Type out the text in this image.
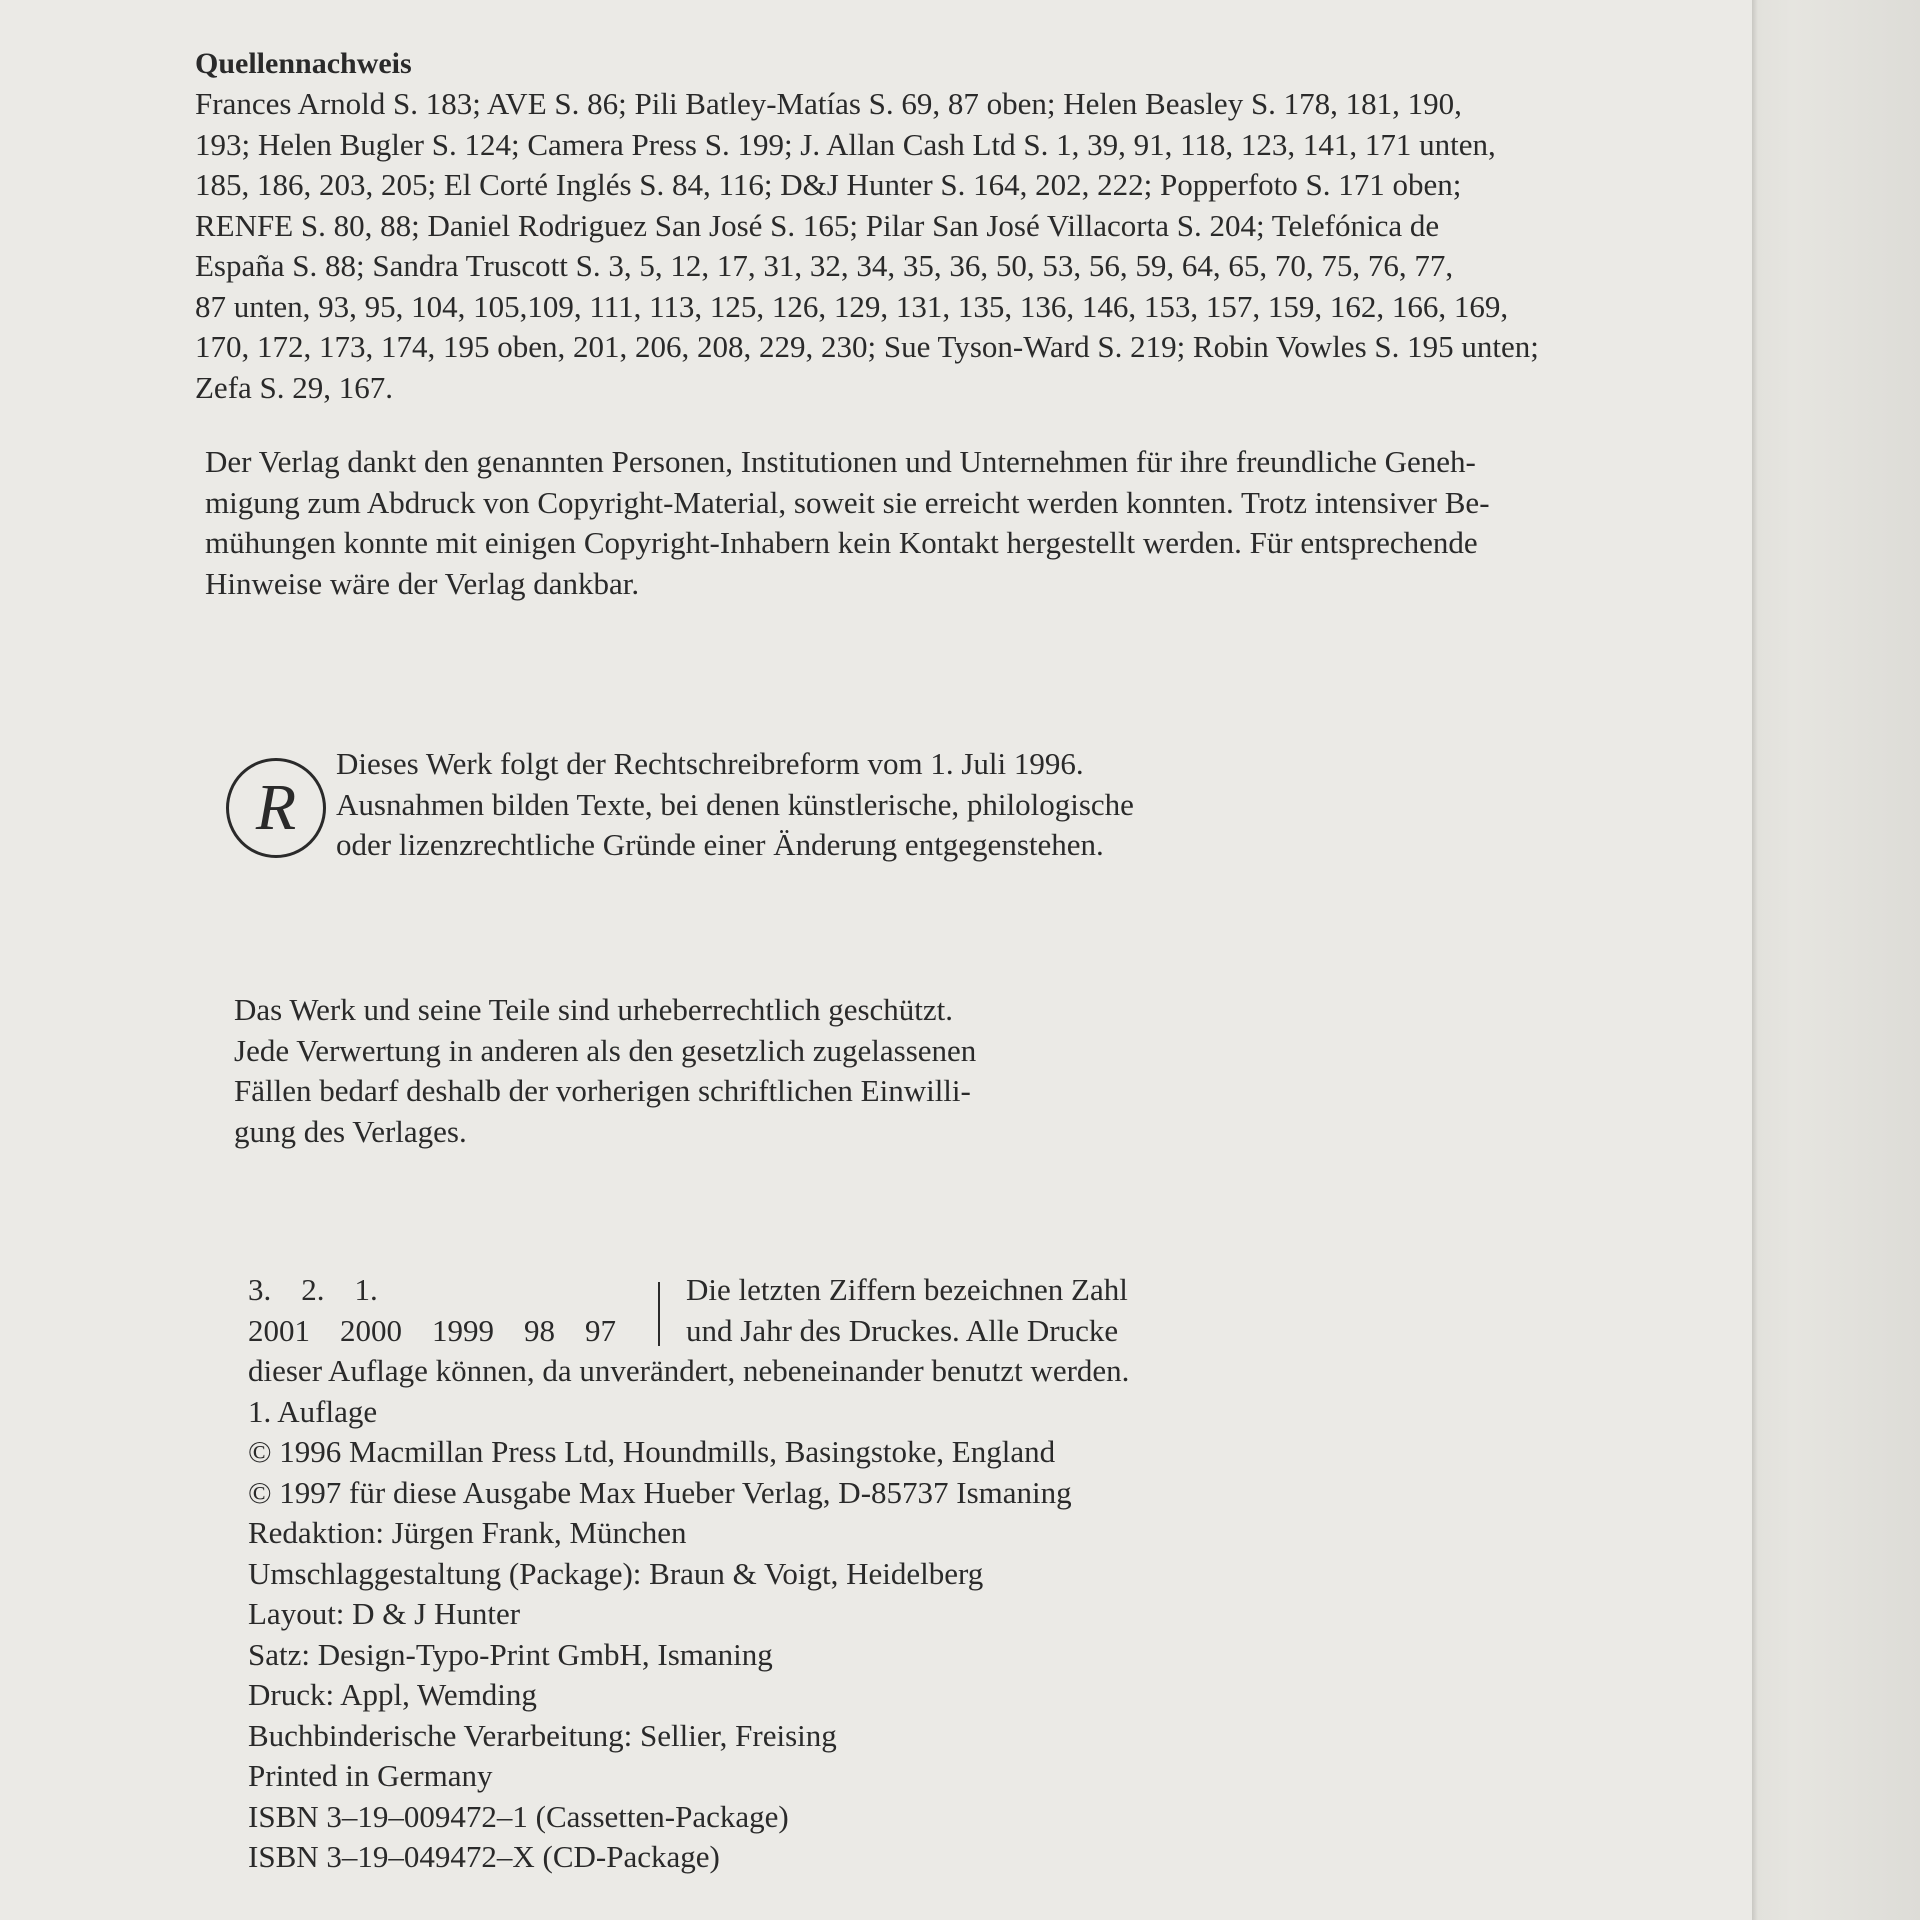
Quellennachweis
Frances Arnold S. 183; AVE S. 86; Pili Batley-Matías S. 69, 87 oben; Helen Beasley S. 178, 181, 190,
193; Helen Bugler S. 124; Camera Press S. 199; J. Allan Cash Ltd S. 1, 39, 91, 118, 123, 141, 171 unten,
185, 186, 203, 205; El Corté Inglés S. 84, 116; D&J Hunter S. 164, 202, 222; Popperfoto S. 171 oben;
RENFE S. 80, 88; Daniel Rodriguez San José S. 165; Pilar San José Villacorta S. 204; Telefónica de
España S. 88; Sandra Truscott S. 3, 5, 12, 17, 31, 32, 34, 35, 36, 50, 53, 56, 59, 64, 65, 70, 75, 76, 77,
87 unten, 93, 95, 104, 105,109, 111, 113, 125, 126, 129, 131, 135, 136, 146, 153, 157, 159, 162, 166, 169,
170, 172, 173, 174, 195 oben, 201, 206, 208, 229, 230; Sue Tyson-Ward S. 219; Robin Vowles S. 195 unten;
Zefa S. 29, 167.
Der Verlag dankt den genannten Personen, Institutionen und Unternehmen für ihre freundliche Geneh-
migung zum Abdruck von Copyright-Material, soweit sie erreicht werden konnten. Trotz intensiver Be-
mühungen konnte mit einigen Copyright-Inhabern kein Kontakt hergestellt werden. Für entsprechende
Hinweise wäre der Verlag dankbar.
R
Dieses Werk folgt der Rechtschreibreform vom 1. Juli 1996.
Ausnahmen bilden Texte, bei denen künstlerische, philologische
oder lizenzrechtliche Gründe einer Änderung entgegenstehen.
Das Werk und seine Teile sind urheberrechtlich geschützt.
Jede Verwertung in anderen als den gesetzlich zugelassenen
Fällen bedarf deshalb der vorherigen schriftlichen Einwilli-
gung des Verlages.
3. 2. 1.
2001 2000 1999 98 97
Die letzten Ziffern bezeichnen Zahl
und Jahr des Druckes. Alle Drucke
dieser Auflage können, da unverändert, nebeneinander benutzt werden.
1. Auflage
© 1996 Macmillan Press Ltd, Houndmills, Basingstoke, England
© 1997 für diese Ausgabe Max Hueber Verlag, D-85737 Ismaning
Redaktion: Jürgen Frank, München
Umschlaggestaltung (Package): Braun & Voigt, Heidelberg
Layout: D & J Hunter
Satz: Design-Typo-Print GmbH, Ismaning
Druck: Appl, Wemding
Buchbinderische Verarbeitung: Sellier, Freising
Printed in Germany
ISBN 3–19–009472–1 (Cassetten-Package)
ISBN 3–19–049472–X (CD-Package)
